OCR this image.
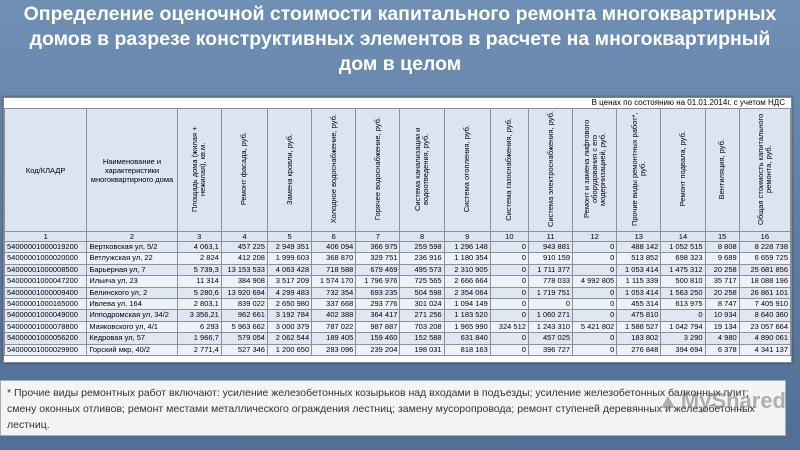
Определение оценочной стоимости капитального ремонта многоквартирных домов в разрезе конструктивных элементов в расчете на многоквартирный дом в целом
В ценах по состоянию на 01.01.2014г. с учетом НДС
Код/КЛАДР	Наименование и характеристики многоквартирного дома	Площадь дома (жилая + нежилая), кв.м.	Ремонт фасада, руб.	Замена кровли, руб.	Холодное водоснабжение, руб.	Горячее водоснабжение, руб.	Система канализации и водоотведения, руб.	Система отопления, руб.	Система газоснабжения, руб.	Система электроснабжения, руб.	Ремонт и замена лифтового оборудования с его модернизацией, руб.	Прочие виды ремонтных работ*, руб.	Ремонт подвала, руб.	Вентиляция, руб.	Общая стоимость капитального ремонта, руб.
1	2	3	4	5	6	7	8	9	10	11	12	13	14	15	16
54000001000019200	Вертковская ул, 5/2	4 063,1	457 225	2 949 351	406 094	366 975	259 598	1 296 148	0	943 881	0	488 142	1 052 515	8 808	8 228 738
54000001000020000	Ветлужская ул, 22	2 824	412 208	1 999 603	368 870	329 751	236 916	1 180 354	0	910 159	0	513 852	698 323	9 689	6 659 725
54000001000008500	Барьерная ул, 7	5 739,3	13 153 533	4 063 428	718 588	679 469	495 573	2 310 905	0	1 711 377	0	1 053 414	1 475 312	20 258	25 681 856
54000001000047200	Ильича ул, 23	11 314	384 908	3 517 209	1 574 170	1 796 976	725 565	2 666 664	0	778 033	4 992 805	1 115 339	500 810	35 717	18 088 196
54000001000009400	Белинского ул, 2	5 280,6	13 920 694	4 299 483	732 354	693 235	504 598	2 354 064	0	1 719 751	0	1 053 414	1 563 250	20 258	26 861 101
54000001000165000	Ивлева ул, 164	2 803,1	839 022	2 650 980	337 668	293 776	301 024	1 094 149	0	0	0	455 314	613 975	8 747	7 405 910
54000001000049000	Ипподромская ул, 34/2	3 356,21	962 661	3 192 784	402 388	364 417	271 256	1 183 520	0	1 060 271	0	475 810	0	10 934	8 640 360
54000001000078800	Маяковского ул, 4/1	6 293	5 963 662	3 000 379	787 022	987 887	703 208	1 965 990	324 512	1 243 310	5 421 802	1 588 527	1 042 794	19 134	23 057 664
54000001000056200	Кедровая ул, 57	1 966,7	579 054	2 062 544	189 405	159 460	152 588	631 840	0	457 025	0	183 802	3 290	4 980	4 890 061
54000001000029900	Горский мкр, 40/2	2 771,4	527 346	1 200 650	283 096	239 204	198 031	818 163	0	396 727	0	276 848	394 694	6 378	4 341 137
* Прочие виды ремонтных работ включают: усиление железобетонных козырьков над входами в подъезды; усиление железобетонных балконных плит; смену оконных отливов; ремонт местами металлического ограждения лестниц; замену мусоропровода; ремонт ступеней деревянных и железобетонных лестниц.
MyShared
